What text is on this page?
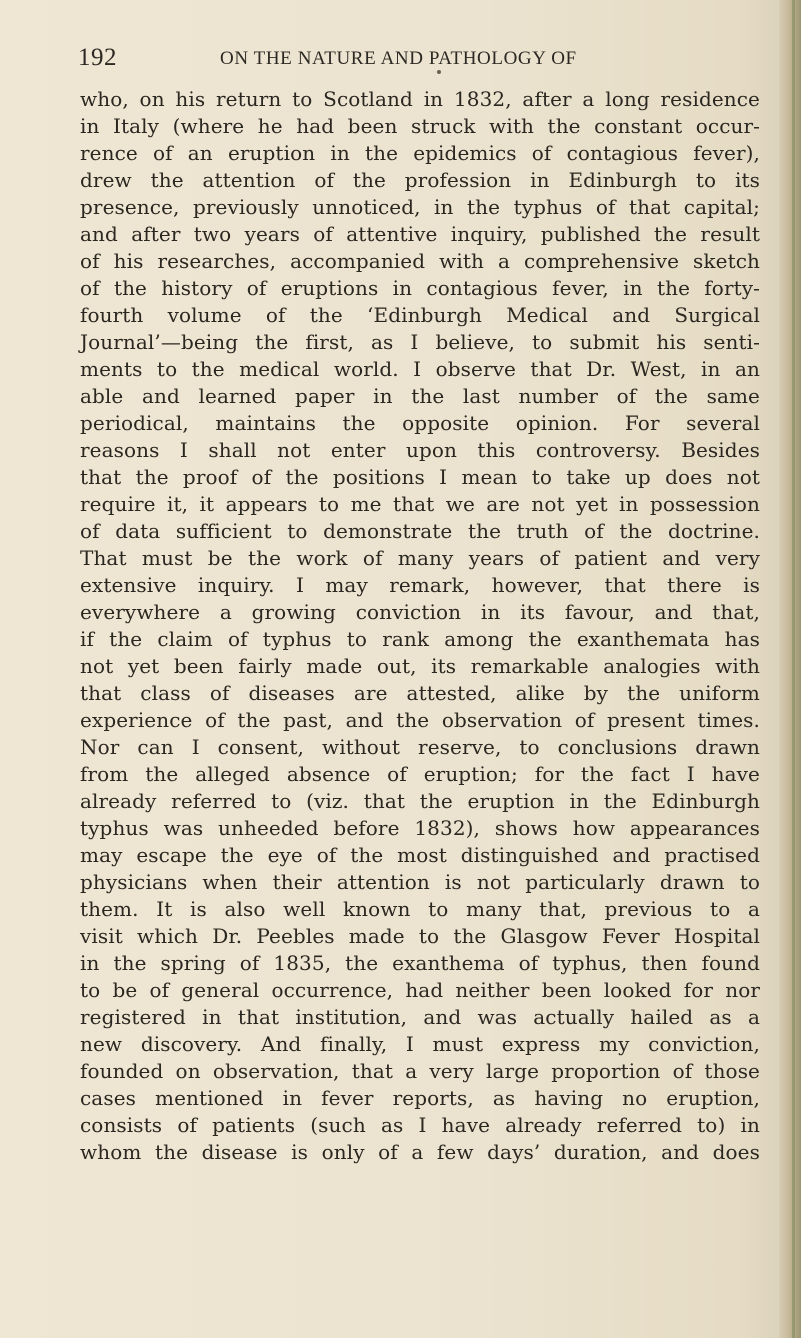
192	ON THE NATURE AND PATHOLOGY OF
who, on his return to Scotland in 1832, after a long residence
in Italy (where he had been struck with the constant occur-
rence of an eruption in the epidemics of contagious fever),
drew the attention of the profession in Edinburgh to its
presence, previously unnoticed, in the typhus of that capital;
and after two years of attentive inquiry, published the result
of his researches, accompanied with a comprehensive sketch
of the history of eruptions in contagious fever, in the forty-
fourth volume of the ‘Edinburgh Medical and Surgical
Journal’—being the first, as I believe, to submit his senti-
ments to the medical world. I observe that Dr. West, in an
able and learned paper in the last number of the same
periodical, maintains the opposite opinion. For several
reasons I shall not enter upon this controversy. Besides
that the proof of the positions I mean to take up does not
require it, it appears to me that we are not yet in possession
of data sufficient to demonstrate the truth of the doctrine.
That must be the work of many years of patient and very
extensive inquiry. I may remark, however, that there is
everywhere a growing conviction in its favour, and that,
if the claim of typhus to rank among the exanthemata has
not yet been fairly made out, its remarkable analogies with
that class of diseases are attested, alike by the uniform
experience of the past, and the observation of present times.
Nor can I consent, without reserve, to conclusions drawn
from the alleged absence of eruption; for the fact I have
already referred to (viz. that the eruption in the Edinburgh
typhus was unheeded before 1832), shows how appearances
may escape the eye of the most distinguished and practised
physicians when their attention is not particularly drawn to
them. It is also well known to many that, previous to a
visit which Dr. Peebles made to the Glasgow Fever Hospital
in the spring of 1835, the exanthema of typhus, then found
to be of general occurrence, had neither been looked for nor
registered in that institution, and was actually hailed as a
new discovery. And finally, I must express my conviction,
founded on observation, that a very large proportion of those
cases mentioned in fever reports, as having no eruption,
consists of patients (such as I have already referred to) in
whom the disease is only of a few days’ duration, and does
